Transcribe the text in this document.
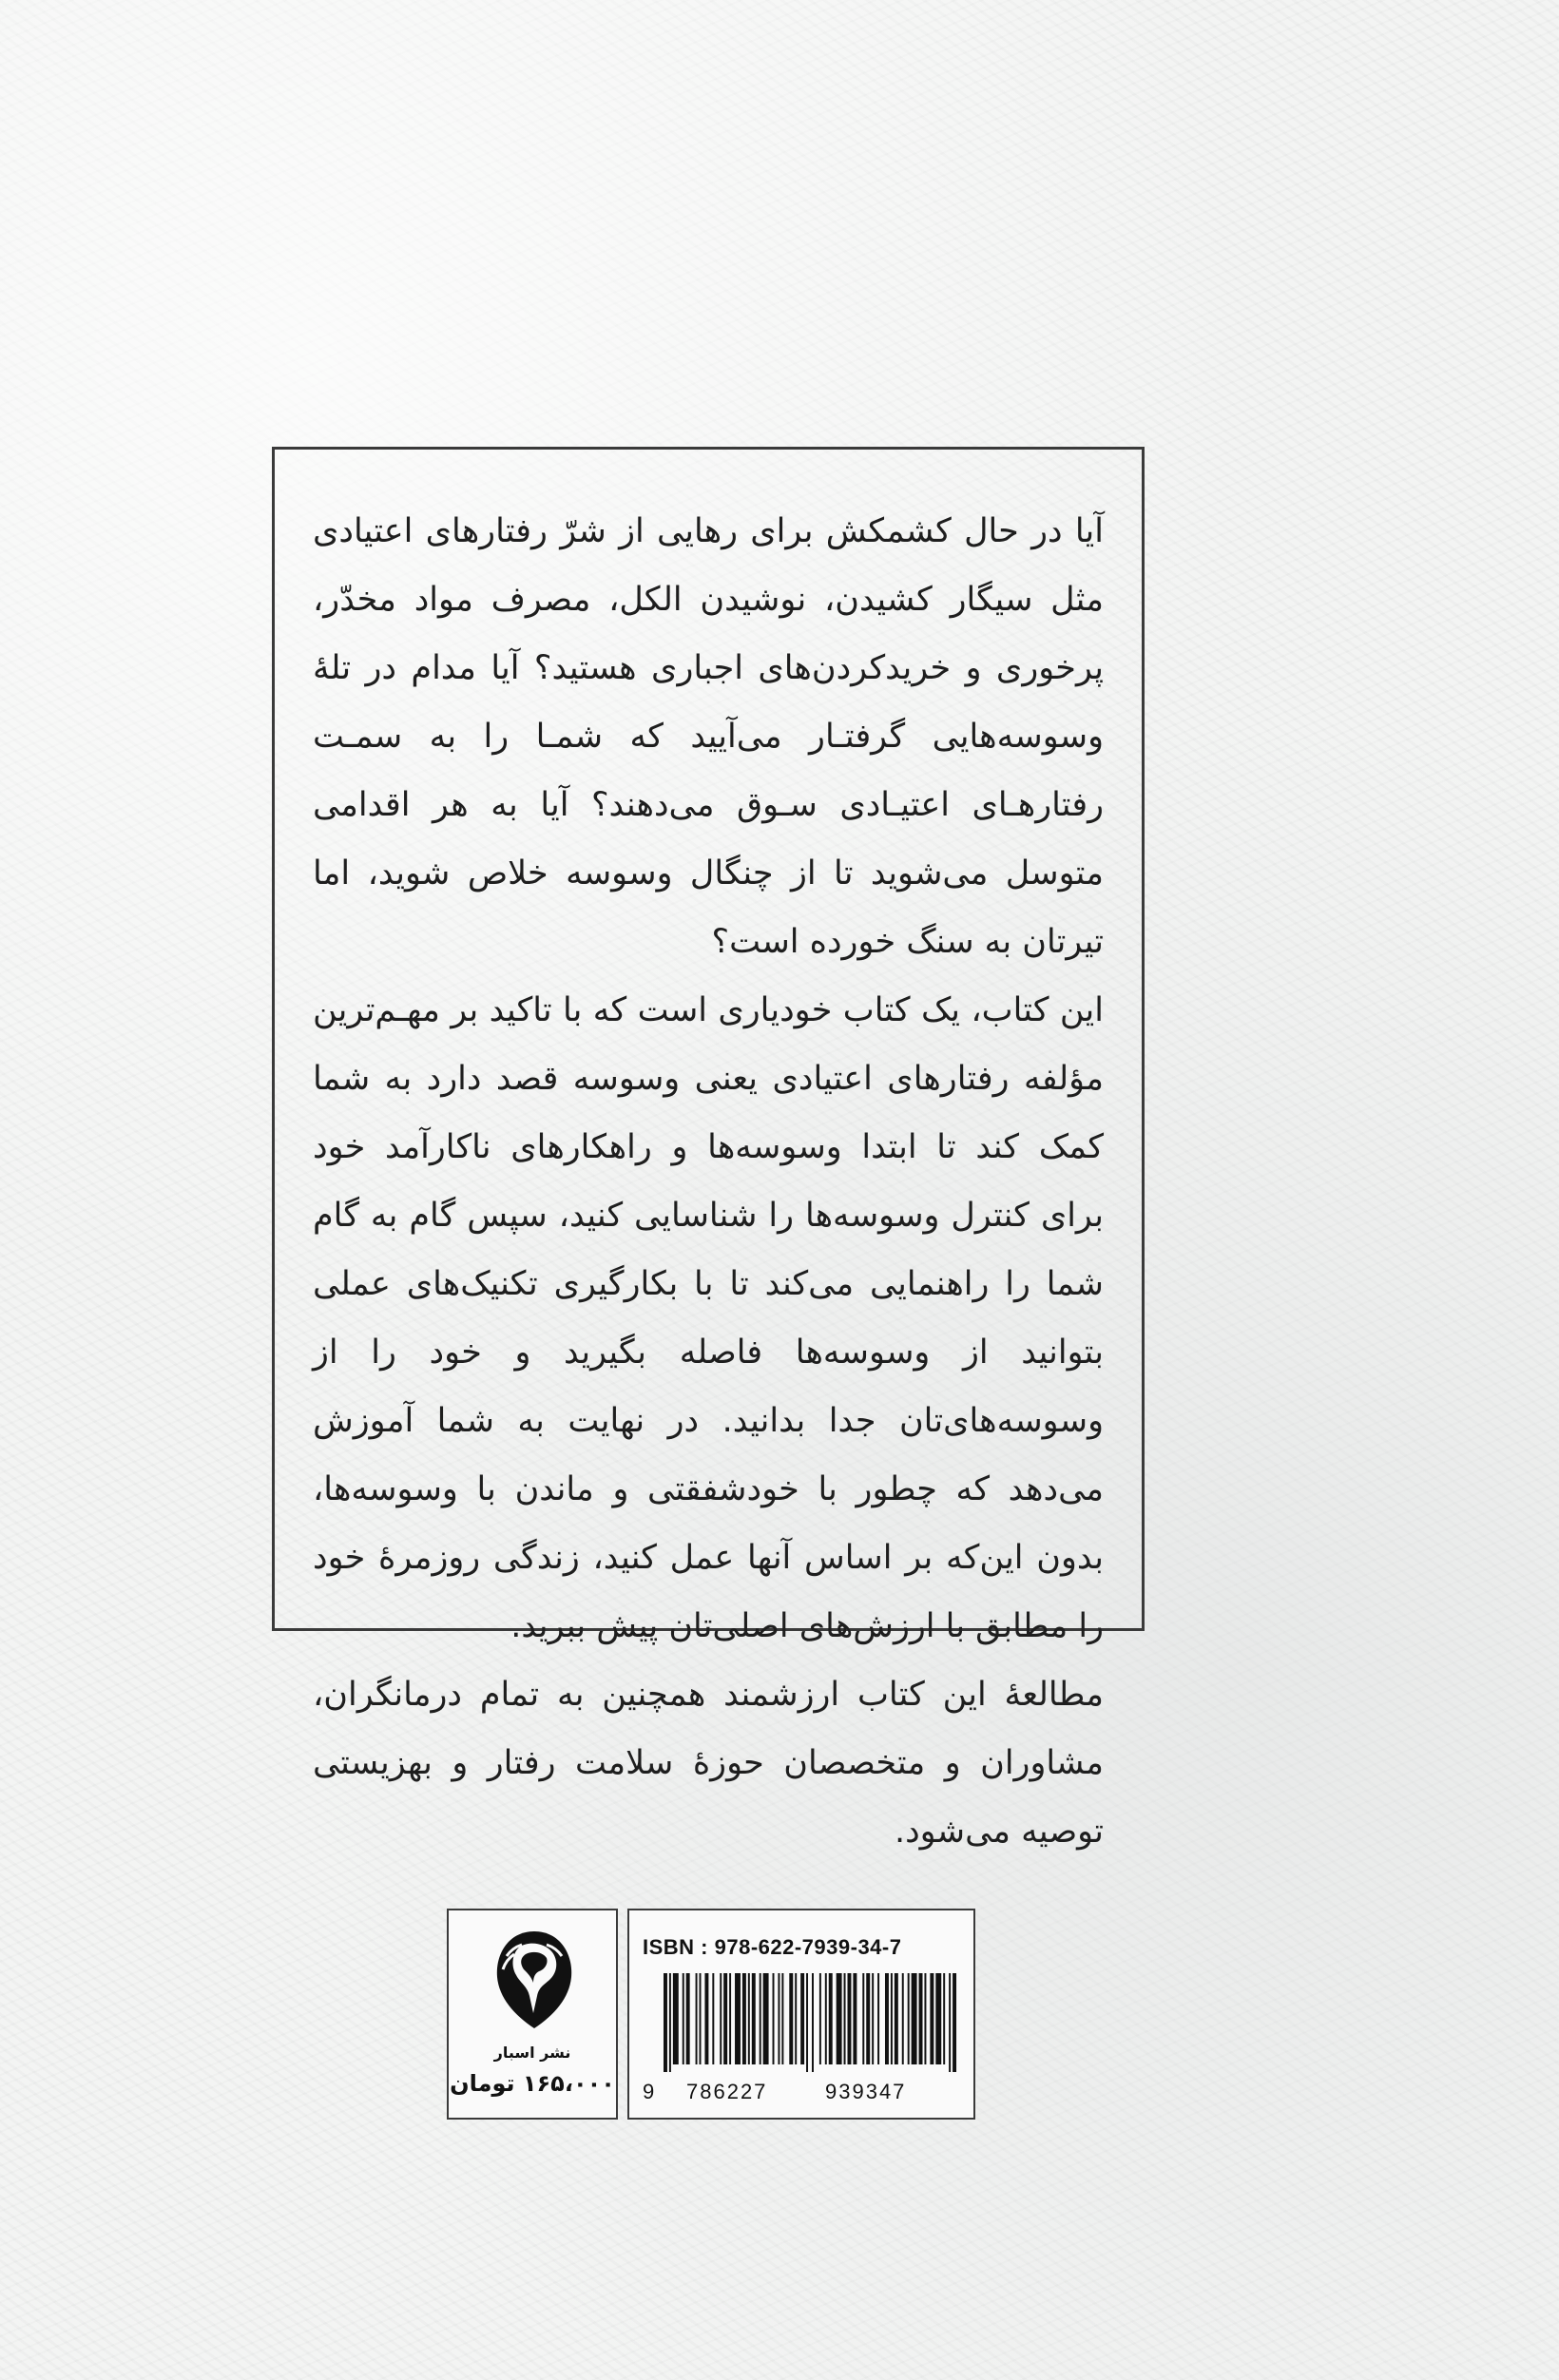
آیا در حال کشمکش برای رهایی از شرّ رفتارهای اعتیادی مثل سیگار کشیدن، نوشیدن الکل، مصرف مواد مخدّر، پرخوری و خریدکردن‌های اجباری هستید؟ آیا مدام در تلهٔ وسوسه‌هایی گرفتـار می‌آیید که شمـا را به سمـت رفتارهـای اعتیـادی سـوق می‌دهند؟ آیا به هر اقدامی متوسل می‌شوید تا از چنگال وسوسه خلاص شوید، اما تیرتان به سنگ خورده است؟

این کتاب، یک کتاب خودیاری است که با تاکید بر مهـم‌ترین مؤلفه رفتارهای اعتیادی یعنی وسوسه قصد دارد به شما کمک کند تا ابتدا وسوسه‌ها و راهکارهای ناکارآمد خود برای کنترل وسوسه‌ها را شناسایی کنید، سپس گام به گام شما را راهنمایی می‌کند تا با بکارگیری تکنیک‌های عملی بتوانید از وسوسه‌ها فاصله بگیرید و خود را از وسوسه‌های‌تان جدا بدانید. در نهایت به شما آموزش می‌دهد که چطور با خودشفقتی و ماندن با وسوسه‌ها، بدون این‌که بر اساس آنها عمل کنید، زندگی روزمرهٔ خود را مطابق با ارزش‌های اصلی‌تان پیش ببرید.

مطالعهٔ این کتاب ارزشمند همچنین به تمام درمانگران، مشاوران و متخصصان حوزهٔ سلامت رفتار و بهزیستی توصیه می‌شود.

نشر اسبار
۱۶۵،۰۰۰ تومان
ISBN : 978-622-7939-34-7
9 786227	939347
